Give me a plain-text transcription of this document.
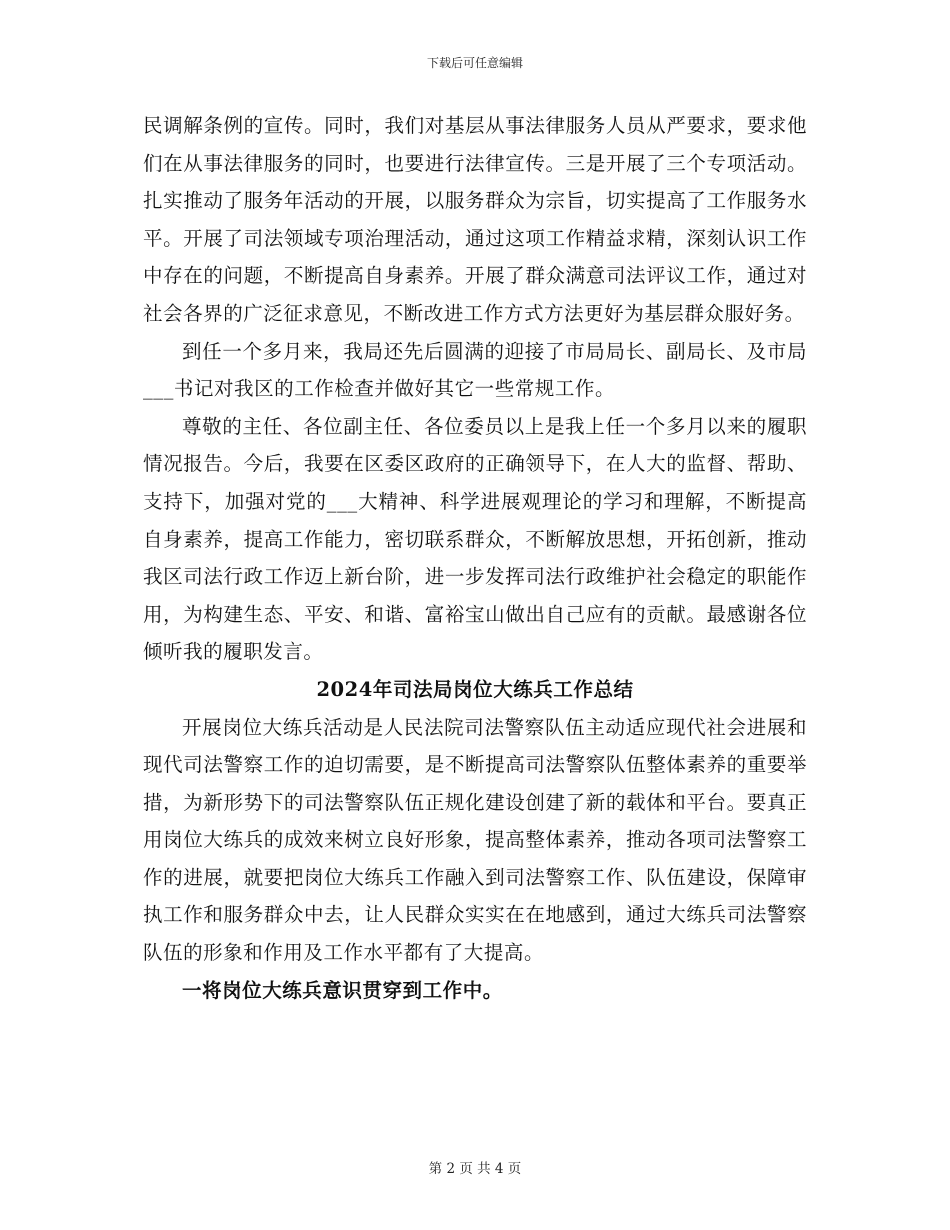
下载后可任意编辑

民调解条例的宣传。同时，我们对基层从事法律服务人员从严要求，要求他们在从事法律服务的同时，也要进行法律宣传。三是开展了三个专项活动。扎实推动了服务年活动的开展，以服务群众为宗旨，切实提高了工作服务水平。开展了司法领域专项治理活动，通过这项工作精益求精，深刻认识工作中存在的问题，不断提高自身素养。开展了群众满意司法评议工作，通过对社会各界的广泛征求意见，不断改进工作方式方法更好为基层群众服好务。

到任一个多月来，我局还先后圆满的迎接了市局局长、副局长、及市局___书记对我区的工作检查并做好其它一些常规工作。

尊敬的主任、各位副主任、各位委员以上是我上任一个多月以来的履职情况报告。今后，我要在区委区政府的正确领导下，在人大的监督、帮助、支持下，加强对党的___大精神、科学进展观理论的学习和理解，不断提高自身素养，提高工作能力，密切联系群众，不断解放思想，开拓创新，推动我区司法行政工作迈上新台阶，进一步发挥司法行政维护社会稳定的职能作用，为构建生态、平安、和谐、富裕宝山做出自己应有的贡献。最感谢各位倾听我的履职发言。

2024年司法局岗位大练兵工作总结

开展岗位大练兵活动是人民法院司法警察队伍主动适应现代社会进展和现代司法警察工作的迫切需要，是不断提高司法警察队伍整体素养的重要举措，为新形势下的司法警察队伍正规化建设创建了新的载体和平台。要真正用岗位大练兵的成效来树立良好形象，提高整体素养，推动各项司法警察工作的进展，就要把岗位大练兵工作融入到司法警察工作、队伍建设，保障审执工作和服务群众中去，让人民群众实实在在地感到，通过大练兵司法警察队伍的形象和作用及工作水平都有了大提高。

一将岗位大练兵意识贯穿到工作中。

第 2 页 共 4 页
